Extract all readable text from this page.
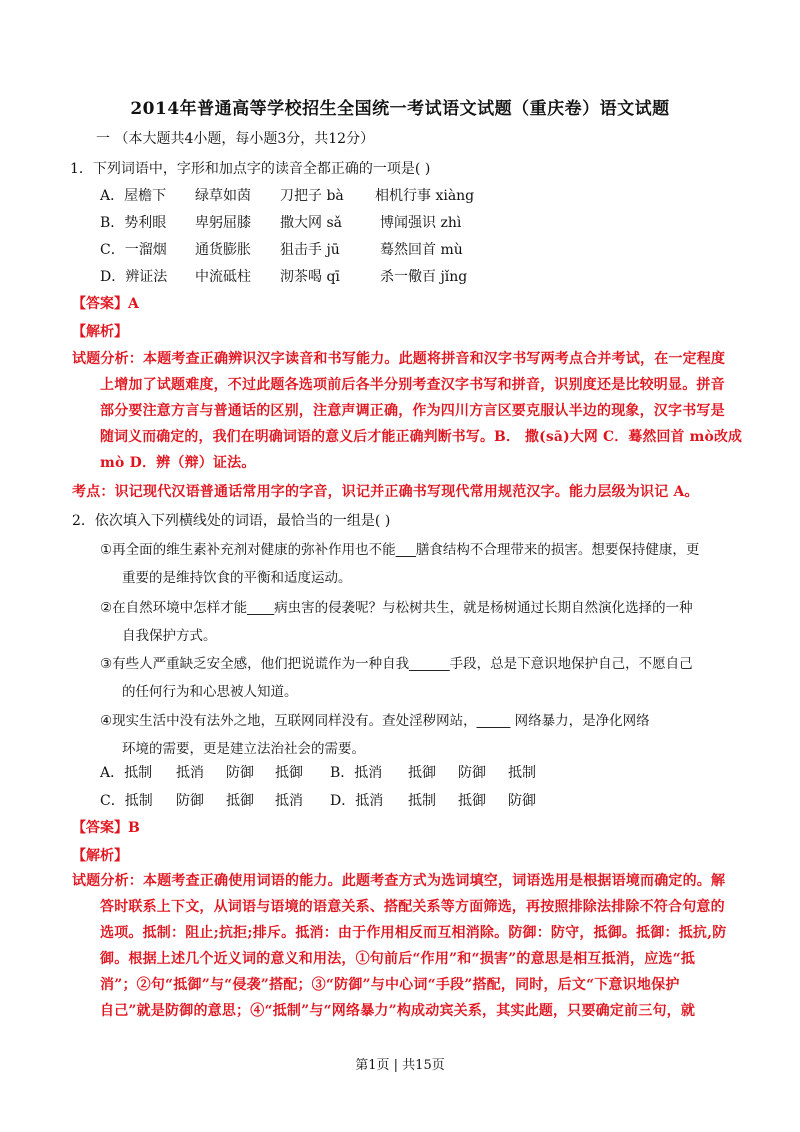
2014年普通高等学校招生全国统一考试语文试题（重庆卷）语文试题
一 （本大题共4小题，每小题3分，共12分）
1．下列词语中，字形和加点字的读音全都正确的一项是( )
A．屋檐下 绿草如茵 刀把子 bà 相机行事 xiàng
B．势利眼 卑躬屈膝 撒大网 sǎ	博闻强识 zhì
C．一溜烟 通货膨胀 狙击手 jū	蓦然回首 mù
D．辨证法 中流砥柱 沏茶喝 qī	杀一儆百 jǐng
【答案】A
【解析】
试题分析：本题考查正确辨识汉字读音和书写能力。此题将拼音和汉字书写两考点合并考试，在一定程度
上增加了试题难度，不过此题各选项前后各半分别考查汉字书写和拼音，识别度还是比较明显。拼音
部分要注意方言与普通话的区别，注意声调正确，作为四川方言区要克服认半边的现象，汉字书写是
随词义而确定的，我们在明确词语的意义后才能正确判断书写。B． 撒(sā)大网 C．蓦然回首 mò改成
mò D．辨（辩）证法。
考点：识记现代汉语普通话常用字的字音，识记并正确书写现代常用规范汉字。能力层级为识记 A。
2．依次填入下列横线处的词语，最恰当的一组是( )
①再全面的维生素补充剂对健康的弥补作用也不能___膳食结构不合理带来的损害。想要保持健康，更
重要的是维持饮食的平衡和适度运动。
②在自然环境中怎样才能____病虫害的侵袭呢？与松树共生，就是杨树通过长期自然演化选择的一种
自我保护方式。
③有些人严重缺乏安全感，他们把说谎作为一种自我______手段，总是下意识地保护自己，不愿自己
的任何行为和心思被人知道。
④现实生活中没有法外之地，互联网同样没有。查处淫秽网站，_____ 网络暴力，是净化网络
环境的需要，更是建立法治社会的需要。
A．抵制 抵消 防御 抵御 B．抵消 抵御 防御 抵制
C．抵制 防御 抵御 抵消 D．抵消 抵制 抵御 防御
【答案】B
【解析】
试题分析：本题考查正确使用词语的能力。此题考查方式为选词填空，词语选用是根据语境而确定的。解
答时联系上下文，从词语与语境的语意关系、搭配关系等方面筛选，再按照排除法排除不符合句意的
选项。抵制：阻止;抗拒;排斥。抵消：由于作用相反而互相消除。防御：防守，抵御。抵御：抵抗,防
御。根据上述几个近义词的意义和用法，①句前后“作用”和“损害”的意思是相互抵消，应选“抵
消”；②句“抵御”与“侵袭”搭配；③“防御”与中心词“手段”搭配，同时，后文“下意识地保护
自己”就是防御的意思；④“抵制”与“网络暴力”构成动宾关系，其实此题，只要确定前三句，就
第1页 | 共15页
